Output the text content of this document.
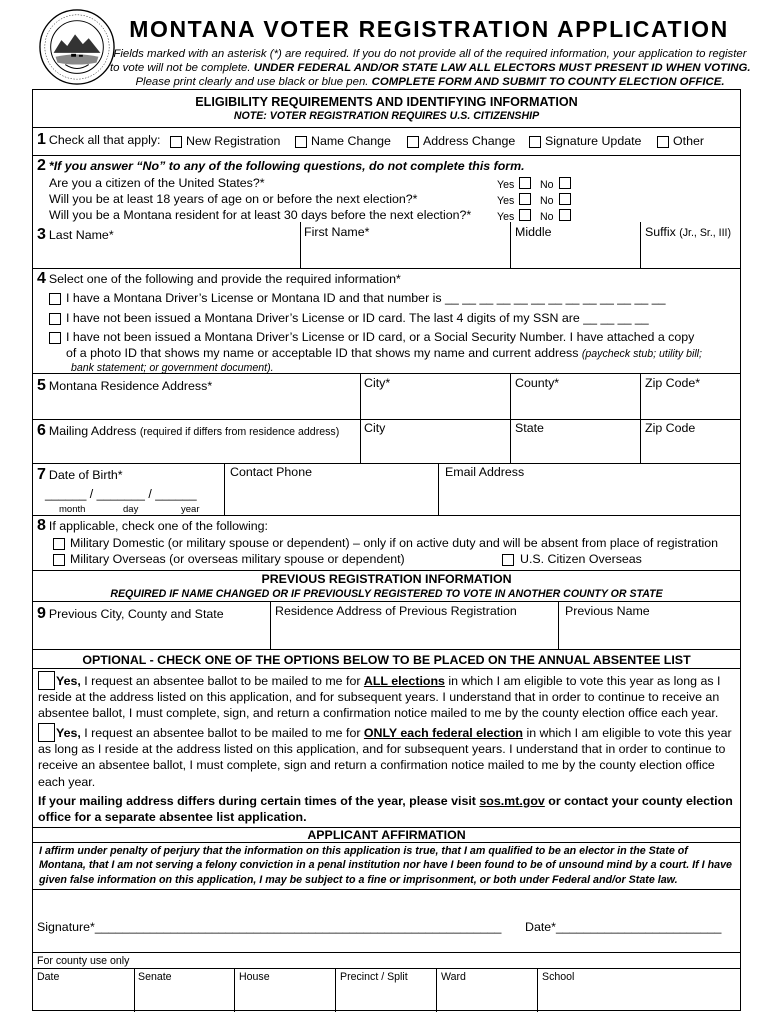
MONTANA VOTER REGISTRATION APPLICATION
Fields marked with an asterisk (*) are required. If you do not provide all of the required information, your application to register
to vote will not be complete. UNDER FEDERAL AND/OR STATE LAW ALL ELECTORS MUST PRESENT ID WHEN VOTING.
Please print clearly and use black or blue pen. COMPLETE FORM AND SUBMIT TO COUNTY ELECTION OFFICE.
ELIGIBILITY REQUIREMENTS AND IDENTIFYING INFORMATION
NOTE: VOTER REGISTRATION REQUIRES U.S. CITIZENSHIP
1 Check all that apply: New Registration Name Change	Address Change Signature Update	Other
2 *If you answer “No” to any of the following questions, do not complete this form.
Are you a citizen of the United States?*
Will you be at least 18 years of age on or before the next election?*
Will you be a Montana resident for at least 30 days before the next election?*
Yes No
Yes No
Yes No
3 Last Name*	First Name*	Middle	Suffix (Jr., Sr., III)
4 Select one of the following and provide the required information*
I have a Montana Driver’s License or Montana ID and that number is __ __ __ __ __ __ __ __ __ __ __ __ __
I have not been issued a Montana Driver’s License or ID card. The last 4 digits of my SSN are __ __ __ __
I have not been issued a Montana Driver’s License or ID card, or a Social Security Number. I have attached a copy
of a photo ID that shows my name or acceptable ID that shows my name and current address (paycheck stub; utility bill;
bank statement; or government document).
5 Montana Residence Address*	City*	County*	Zip Code*
6 Mailing Address (required if differs from residence address) City	State	Zip Code
7 Date of Birth*
______ / _______ / ______
month	day	year
Contact Phone	Email Address
8 If applicable, check one of the following:
Military Domestic (or military spouse or dependent) – only if on active duty and will be absent from place of registration
Military Overseas (or overseas military spouse or dependent)	U.S. Citizen Overseas
PREVIOUS REGISTRATION INFORMATION
REQUIRED IF NAME CHANGED OR IF PREVIOUSLY REGISTERED TO VOTE IN ANOTHER COUNTY OR STATE
9 Previous City, County and State	Residence Address of Previous Registration	Previous Name
OPTIONAL - CHECK ONE OF THE OPTIONS BELOW TO BE PLACED ON THE ANNUAL ABSENTEE LIST
Yes, I request an absentee ballot to be mailed to me for ALL elections in which I am eligible to vote this year as long as I reside at the address listed on this application, and for subsequent years. I understand that in order to continue to receive an absentee ballot, I must complete, sign, and return a confirmation notice mailed to me by the county election office each year.
Yes, I request an absentee ballot to be mailed to me for ONLY each federal election in which I am eligible to vote this year as long as I reside at the address listed on this application, and for subsequent years. I understand that in order to continue to receive an absentee ballot, I must complete, sign and return a confirmation notice mailed to me by the county election office each year.
If your mailing address differs during certain times of the year, please visit sos.mt.gov or contact your county election office for a separate absentee list application.
APPLICANT AFFIRMATION
I affirm under penalty of perjury that the information on this application is true, that I am qualified to be an elector in the State of Montana, that I am not serving a felony conviction in a penal institution nor have I been found to be of unsound mind by a court. If I have given false information on this application, I may be subject to a fine or imprisonment, or both under Federal and/or State law.
Signature*___________________________________________________________ Date*________________________
For county use only
Date	Senate	House	Precinct / Split	Ward	School
